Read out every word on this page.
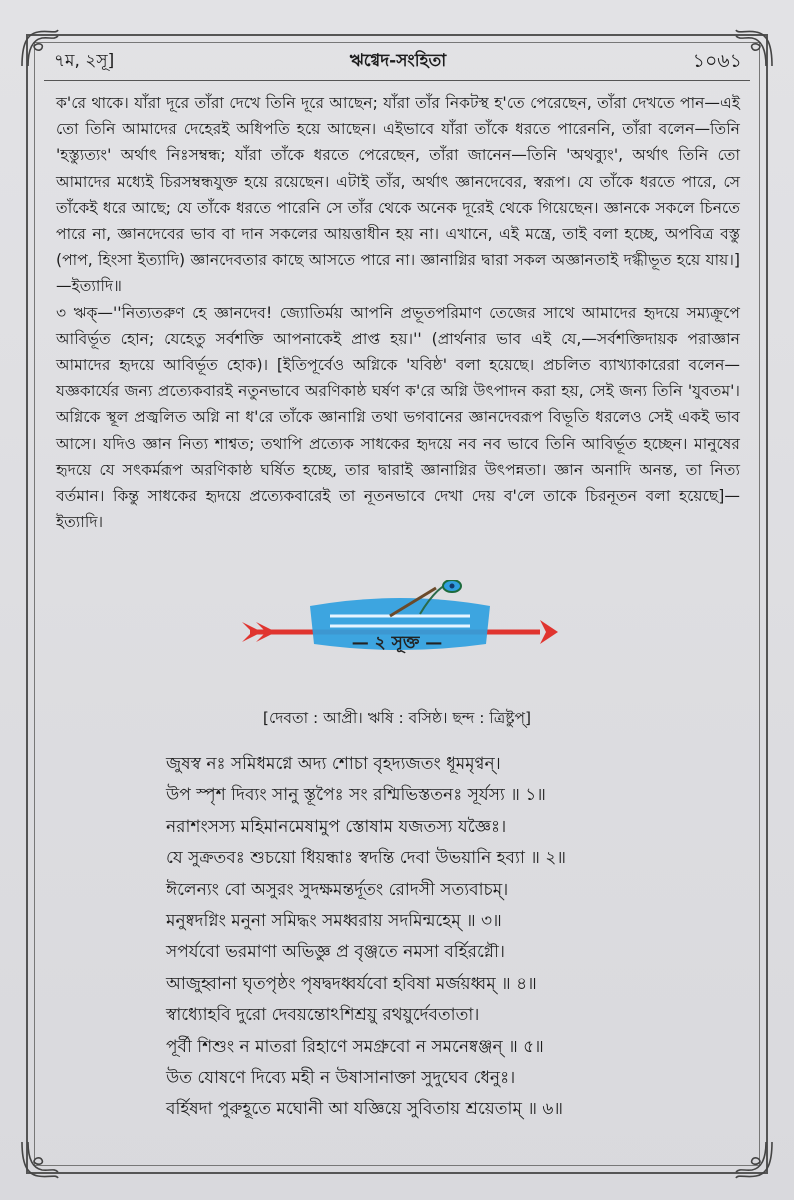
৭ম, ২সূ]	ঋগ্বেদ-সংহিতা	১০৬১

ক'রে থাকে। যাঁরা দূরে তাঁরা দেখে তিনি দূরে আছেন; যাঁরা তাঁর নিকটস্থ হ'তে পেরেছেন, তাঁরা দেখতে পান—এই তো তিনি আমাদের দেহেরই অধিপতি হয়ে আছেন। এইভাবে যাঁরা তাঁকে ধরতে পারেননি, তাঁরা বলেন—তিনি 'হস্ত্যুত্যং' অর্থাৎ নিঃসম্বন্ধ; যাঁরা তাঁকে ধরতে পেরেছেন, তাঁরা জানেন—তিনি 'অথব্যুং', অর্থাৎ তিনি তো আমাদের মধ্যেই চিরসম্বন্ধযুক্ত হয়ে রয়েছেন। এটাই তাঁর, অর্থাৎ জ্ঞানদেবের, স্বরূপ। যে তাঁকে ধরতে পারে, সে তাঁকেই ধরে আছে; যে তাঁকে ধরতে পারেনি সে তাঁর থেকে অনেক দূরেই থেকে গিয়েছেন। জ্ঞানকে সকলে চিনতে পারে না, জ্ঞানদেবের ভাব বা দান সকলের আয়ত্তাধীন হয় না। এখানে, এই মন্ত্রে, তাই বলা হচ্ছে, অপবিত্র বস্তু (পাপ, হিংসা ইত্যাদি) জ্ঞানদেবতার কাছে আসতে পারে না। জ্ঞানাগ্নির দ্বারা সকল অজ্ঞানতাই দগ্ধীভূত হয়ে যায়।]—ইত্যাদি॥

৩ ঋক্—''নিত্যতরুণ হে জ্ঞানদেব! জ্যোতির্ময় আপনি প্রভূতপরিমাণ তেজের সাথে আমাদের হৃদয়ে সম্যক্রূপে আবির্ভূত হোন; যেহেতু সর্বশক্তি আপনাকেই প্রাপ্ত হয়।'' (প্রার্থনার ভাব এই যে,—সর্বশক্তিদায়ক পরাজ্ঞান আমাদের হৃদয়ে আবির্ভূত হোক)। [ইতিপূর্বেও অগ্নিকে 'যবিষ্ঠ' বলা হয়েছে। প্রচলিত ব্যাখ্যাকারেরা বলেন—যজ্ঞকার্যের জন্য প্রত্যেকবারই নতুনভাবে অরণিকাষ্ঠ ঘর্ষণ ক'রে অগ্নি উৎপাদন করা হয়, সেই জন্য তিনি 'যুবতম'। অগ্নিকে স্থূল প্রজ্বলিত অগ্নি না ধ'রে তাঁকে জ্ঞানাগ্নি তথা ভগবানের জ্ঞানদেবরূপ বিভূতি ধরলেও সেই একই ভাব আসে। যদিও জ্ঞান নিত্য শাশ্বত; তথাপি প্রত্যেক সাধকের হৃদয়ে নব নব ভাবে তিনি আবির্ভূত হচ্ছেন। মানুষের হৃদয়ে যে সৎকর্মরূপ অরণিকাষ্ঠ ঘর্ষিত হচ্ছে, তার দ্বারাই জ্ঞানাগ্নির উৎপন্নতা। জ্ঞান অনাদি অনন্ত, তা নিত্য বর্তমান। কিন্তু সাধকের হৃদয়ে প্রত্যেকবারেই তা নূতনভাবে দেখা দেয় ব'লে তাকে চিরনূতন বলা হয়েছে]—ইত্যাদি।

— ২ সূক্ত —
[দেবতা : আপ্রী। ঋষি : বসিষ্ঠ। ছন্দ : ত্রিষ্টুপ্]
জুষস্ব নঃ সমিধমগ্নে অদ্য শোচা বৃহদ্যজতং ধূমমৃণ্বন্।
উপ স্পৃশ দিব্যং সানু স্তূপৈঃ সং রশ্মিভিস্ততনঃ সূর্যস্য ॥ ১॥
নরাশংসস্য মহিমানমেষামুপ স্তোষাম যজতস্য যজ্ঞৈঃ।
যে সুক্রতবঃ শুচয়ো ধিয়ন্ধাঃ স্বদন্তি দেবা উভয়ানি হব্যা ॥ ২॥
ঈলেন্যং বো অসুরং সুদক্ষমন্তর্দূতং রোদসী সত্যবাচম্।
মনুষ্বদগ্নিং মনুনা সমিদ্ধং সমধ্বরায় সদমিন্মহেম্ ॥ ৩॥
সপর্যবো ভরমাণা অভিজ্ঞু প্র বৃঞ্জতে নমসা বর্হিরগ্নৌ।
আজুহ্বানা ঘৃতপৃষ্ঠং পৃষদ্বদধ্বর্যবো হবিষা মর্জয়ধ্বম্ ॥ ৪॥
স্বাধ্যোহবি দুরো দেবয়ন্তোঽশিশ্রয়ু রথয়ুর্দেবতাতা।
পূর্বী শিশুং ন মাতরা রিহাণে সমগ্রুবো ন সমনেষ্বঞ্জন্ ॥ ৫॥
উত যোষণে দিব্যে মহী ন উষাসানাক্তা সুদুঘেব ধেনুঃ।
বর্হিষদা পুরুহূতে মঘোনী আ যজ্ঞিয়ে সুবিতায় শ্রয়েতাম্ ॥ ৬॥
